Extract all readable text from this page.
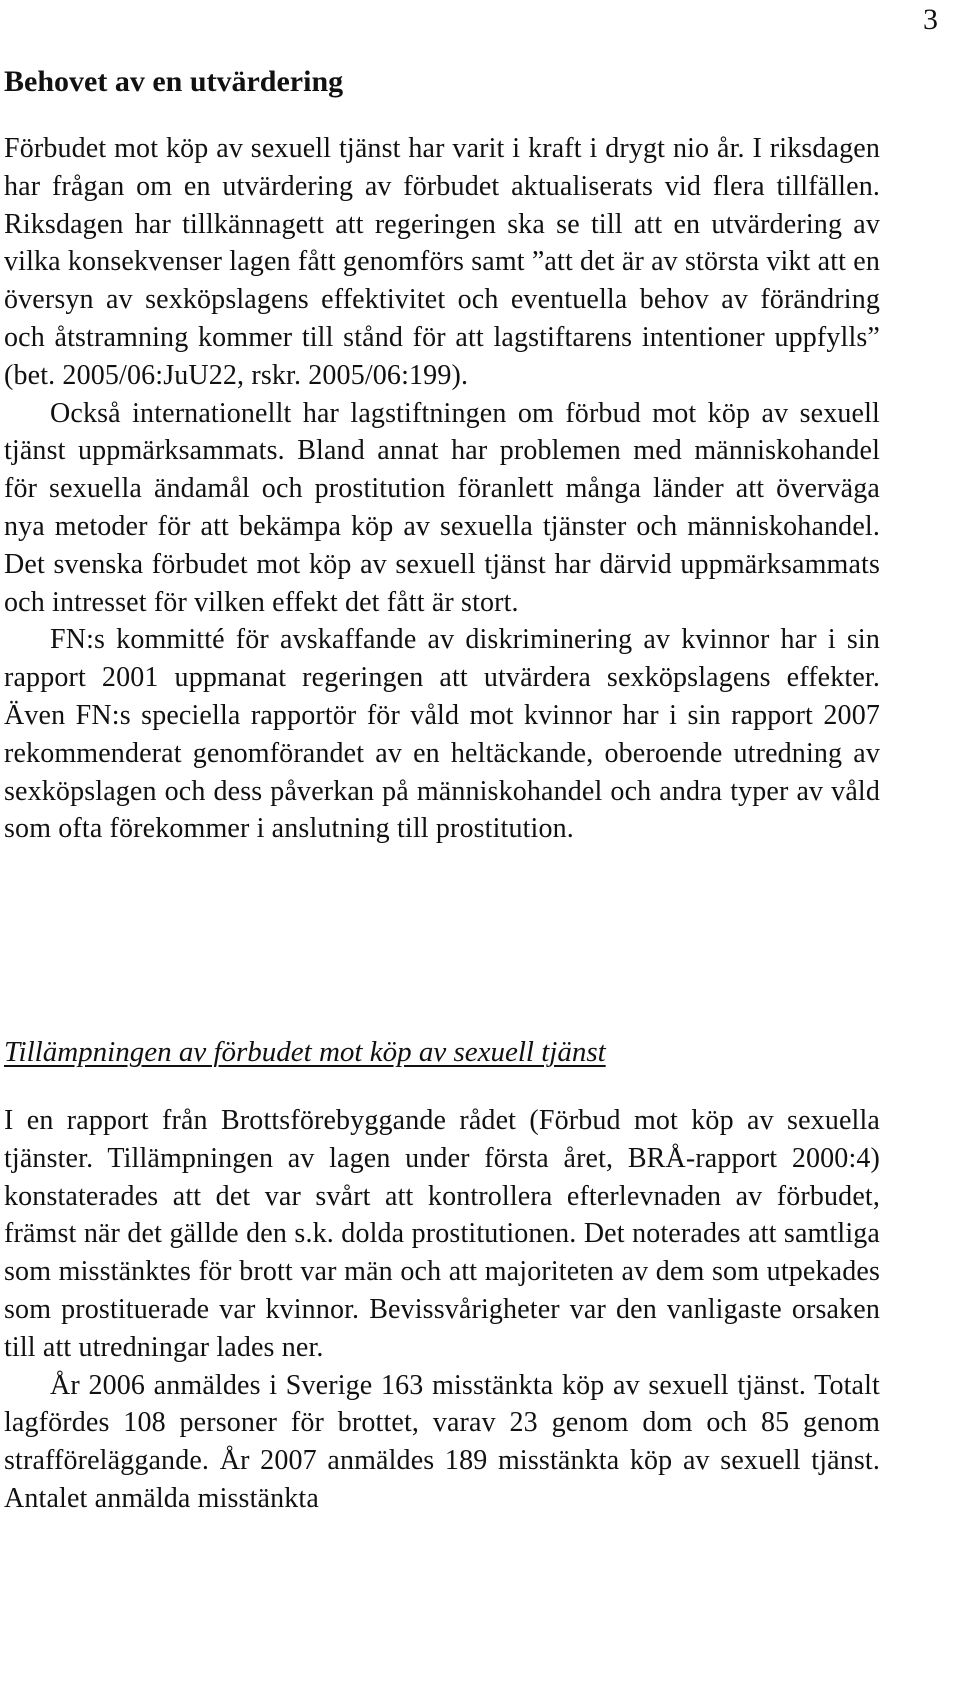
3
Behovet av en utvärdering

Förbudet mot köp av sexuell tjänst har varit i kraft i drygt nio år. I riksdagen har frågan om en utvärdering av förbudet aktualiserats vid flera tillfällen. Riksdagen har tillkännagett att regeringen ska se till att en utvärdering av vilka konsekvenser lagen fått genomförs samt ”att det är av största vikt att en översyn av sexköpslagens effektivitet och eventuella behov av förändring och åtstramning kommer till stånd för att lagstiftarens intentioner uppfylls” (bet. 2005/06:JuU22, rskr. 2005/06:199).

Också internationellt har lagstiftningen om förbud mot köp av sexuell tjänst uppmärksammats. Bland annat har problemen med människohandel för sexuella ändamål och prostitution föranlett många länder att överväga nya metoder för att bekämpa köp av sexuella tjänster och människohandel. Det svenska förbudet mot köp av sexuell tjänst har därvid uppmärksammats och intresset för vilken effekt det fått är stort.

FN:s kommitté för avskaffande av diskriminering av kvinnor har i sin rapport 2001 uppmanat regeringen att utvärdera sexköpslagens effekter. Även FN:s speciella rapportör för våld mot kvinnor har i sin rapport 2007 rekommenderat genomförandet av en heltäckande, oberoende utredning av sexköpslagen och dess påverkan på människohandel och andra typer av våld som ofta förekommer i anslutning till prostitution.

Tillämpningen av förbudet mot köp av sexuell tjänst

I en rapport från Brottsförebyggande rådet (Förbud mot köp av sexuella tjänster. Tillämpningen av lagen under första året, BRÅ-rapport 2000:4) konstaterades att det var svårt att kontrollera efterlevnaden av förbudet, främst när det gällde den s.k. dolda prostitutionen. Det noterades att samtliga som misstänktes för brott var män och att majoriteten av dem som utpekades som prostituerade var kvinnor. Bevissvårigheter var den vanligaste orsaken till att utredningar lades ner.

År 2006 anmäldes i Sverige 163 misstänkta köp av sexuell tjänst. Totalt lagfördes 108 personer för brottet, varav 23 genom dom och 85 genom strafföreläggande. År 2007 anmäldes 189 misstänkta köp av sexuell tjänst. Antalet anmälda misstänkta
